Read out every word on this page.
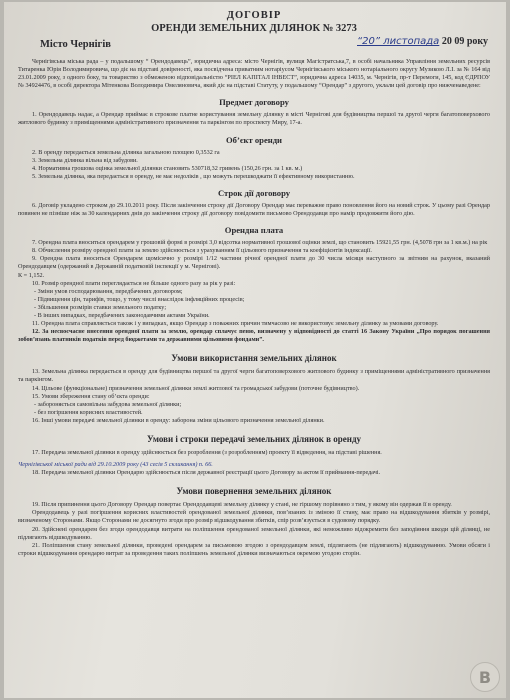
ДОГОВІР
ОРЕНДИ ЗЕМЕЛЬНИХ ДІЛЯНОК № 3273
Місто Чернігів	“20” листопада 20 09 року

Чернігівська міська рада – у подальшому “ Орендодавець”, юридична адреса: місто Чернігів, вулиця Магістратська,7, в особі начальника Управління земельних ресурсів Титаренка Юрія Володимировича, що діє на підставі довіреності, яка посвідчена приватним нотаріусом Чернігівського міського нотаріального округу Музикою Л.І. за № 164 від 23.01.2009 року, з одного боку, та товариство з обмеженою відповідальністю “РІЕЛ КАПІТАЛ ІНВЕСТ”, юридична адреса 14035, м. Чернігів, пр-т Перемоги, 145, код ЄДРПОУ № 34924476, в особі директора Мітенкова Володимира Омеляновича, який діє на підставі Статуту, у подальшому “Орендар” з другого, уклали цей договір про нижченаведене:

Предмет договору

1. Орендодавець надає, а Орендар приймає в строкове платне користування земельну ділянку в місті Чернігові для будівництва першої та другої черги багатоповерхового житлового будинку з приміщеннями адміністративного призначення та паркінгом по проспекту Миру, 17-а.

Об’єкт оренди

2. В оренду передається земельна ділянка загальною площею 0,3532 га

3. Земельна ділянка вільна від забудови.

4. Нормативна грошова оцінка земельної ділянки становить 530718,32 гривень (150,26 грн. за 1 кв. м.)

5. Земельна ділянка, яка передається в оренду, не має недоліків , що можуть перешкоджати її ефективному використанню.

Строк дії договору

6. Договір укладено строком до 29.10.2011 року. Після закінчення строку дії Договору Орендар має переважне право поновлення його на новий строк. У цьому разі Орендар повинен не пізніше ніж за 30 календарних днів до закінчення строку дії договору повідомити письмово Орендодавця про намір продовжити його дію.

Орендна плата

7. Орендна плата вноситься орендарем у грошовій формі в розмірі 3,0 відсотка нормативної грошової оцінки землі, що становить 15921,55 грн. (4,5078 грн за 1 кв.м.) на рік

8. Обчислення розміру орендної плати за землю здійснюється з урахуванням її цільового призначення та коефіцієнтів індексації.

9. Орендна плата вноситься Орендарем щомісячно у розмірі 1/12 частини річної орендної плати до 30 числа місяця наступного за звітним на рахунок, вказаний Орендодавцем (одержаний в Державній податковій інспекції у м. Чернігові).

К = 1,152.

10. Розмір орендної плати переглядається не більше одного разу за рік у разі:

- Зміни умов господарювання, передбачених договором;

- Підвищення цін, тарифів, тощо, у тому числі внаслідок інфляційних процесів;

- Збільшення розмірів ставки земельного податку;

- В інших випадках, передбачених законодавчими актами України.

11. Орендна плата справляється також і у випадках, якщо Орендар з поважних причин тимчасово не використовує земельну ділянку за умовами договору.

12. За несвоєчасне внесення орендної плати за землю, орендар сплачує пеню, визначену у відповідності до статті 16 Закону України „Про порядок погашення зобов’язань платників податків перед бюджетами та державними цільовими фондами”.

Умови використання земельних ділянок

13. Земельна ділянка передається в оренду для будівництва першої та другої черги багатоповерхового житлового будинку з приміщеннями адміністративного призначення та паркінгом.

14. Цільове (функціональне) призначення земельної ділянки землі житлової та громадської забудови (поточне будівництво).

15. Умови збереження стану об’єкта оренди:

- забороняється самовільна забудова земельної ділянки;

- без погіршення корисних властивостей.

16. Інші умови передачі земельної ділянки в оренду: заборона зміни цільового призначення земельної ділянки.

Умови і строки передачі земельних ділянок в оренду

17. Передача земельної ділянки в оренду здійснюється без розроблення (з розробленням) проекту її відведення, на підставі рішення.

Чернігівської міської ради від 29.10.2009 року (43 сесія 5 скликання) п. 66.

18. Передача земельної ділянки Орендарю здійснюється після державної реєстрації цього Договору за актом її приймання-передачі.

Умови повернення земельних ділянок

19. Після припинення цього Договору Орендар повертає Орендодавцеві земельну ділянку у стані, не гіршому порівняно з тим, у якому він одержав її в оренду.

Орендодавець у разі погіршення корисних властивостей орендованої земельної ділянки, пов’язаних із зміною її стану, має право на відшкодування збитків у розмірі, визначеному Сторонами. Якщо Сторонами не досягнуто згоди про розмір відшкодування збитків, спір розв’язується в судовому порядку.

20. Здійснені орендарем без згоди орендодавця витрати на поліпшення орендованої земельної ділянки, які неможливо відокремити без заподіяння шкоди цій ділянці, не підлягають відшкодуванню.

21. Поліпшення стану земельної ділянки, проведені орендарем за письмовою згодою з орендодавцем землі, підлягають (не підлягають) відшкодуванню. Умови обсяги і строки відшкодування орендарю витрат за проведення таких поліпшень земельної ділянки визначаються окремою угодою сторін.

В
